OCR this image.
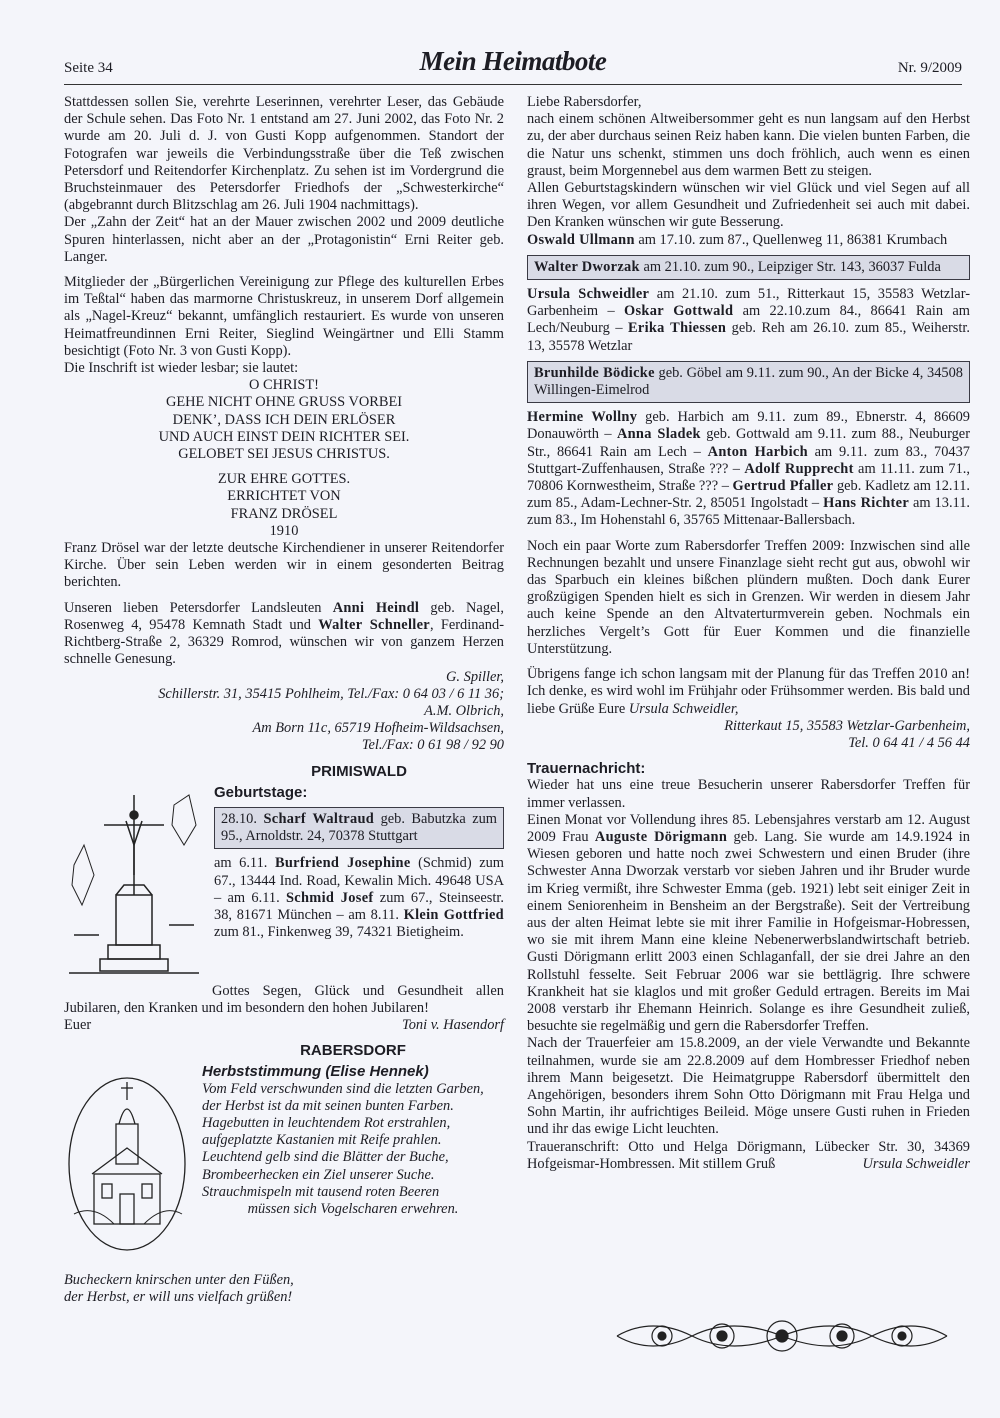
Seite 34	Mein Heimatbote	Nr. 9/2009

Stattdessen sollen Sie, verehrte Leserinnen, verehrter Leser, das Gebäude der Schule sehen. Das Foto Nr. 1 entstand am 27. Juni 2002, das Foto Nr. 2 wurde am 20. Juli d. J. von Gusti Kopp aufgenommen. Standort der Fotografen war jeweils die Verbindungsstraße über die Teß zwischen Petersdorf und Reitendorfer Kirchenplatz. Zu sehen ist im Vordergrund die Bruchsteinmauer des Petersdorfer Friedhofs der „Schwesterkirche“ (abgebrannt durch Blitzschlag am 26. Juli 1904 nachmittags).

Der „Zahn der Zeit“ hat an der Mauer zwischen 2002 und 2009 deutliche Spuren hinterlassen, nicht aber an der „Protagonistin“ Erni Reiter geb. Langer.

Mitglieder der „Bürgerlichen Vereinigung zur Pflege des kulturellen Erbes im Teßtal“ haben das marmorne Christuskreuz, in unserem Dorf allgemein als „Nagel-Kreuz“ bekannt, umfänglich restauriert. Es wurde von unseren Heimatfreundinnen Erni Reiter, Sieglind Weingärtner und Elli Stamm besichtigt (Foto Nr. 3 von Gusti Kopp).

Die Inschrift ist wieder lesbar; sie lautet:

O CHRIST!

GEHE NICHT OHNE GRUSS VORBEI

DENK’, DASS ICH DEIN ERLÖSER

UND AUCH EINST DEIN RICHTER SEI.

GELOBET SEI JESUS CHRISTUS.

ZUR EHRE GOTTES.

ERRICHTET VON

FRANZ DRÖSEL

1910

Franz Drösel war der letzte deutsche Kirchendiener in unserer Reitendorfer Kirche. Über sein Leben werden wir in einem gesonderten Beitrag berichten.

Unseren lieben Petersdorfer Landsleuten Anni Heindl geb. Nagel, Rosenweg 4, 95478 Kemnath Stadt und Walter Schneller, Ferdinand-Richtberg-Straße 2, 36329 Romrod, wünschen wir von ganzem Herzen schnelle Genesung.

G. Spiller,

Schillerstr. 31, 35415 Pohlheim, Tel./Fax: 0 64 03 / 6 11 36;

A.M. Olbrich,

Am Born 11c, 65719 Hofheim-Wildsachsen,

Tel./Fax: 0 61 98 / 92 90

PRIMISWALD

Geburtstage:

28.10. Scharf Waltraud geb. Babutzka zum 95., Arnoldstr. 24, 70378 Stuttgart

am 6.11. Burfriend Josephine (Schmid) zum 67., 13444 Ind. Road, Kewalin Mich. 49648 USA – am 6.11. Schmid Josef zum 67., Steinseestr. 38, 81671 München – am 8.11. Klein Gottfried zum 81., Finkenweg 39, 74321 Bietigheim.

Gottes Segen, Glück und Gesundheit allen Jubilaren, den Kranken und im besondern den hohen Jubilaren!

Euer	Toni v. Hasendorf

RABERSDORF

Herbststimmung (Elise Hennek)

Vom Feld verschwunden sind die letzten Garben,

der Herbst ist da mit seinen bunten Farben.

Hagebutten in leuchtendem Rot erstrahlen,

aufgeplatzte Kastanien mit Reife prahlen.

Leuchtend gelb sind die Blätter der Buche,

Brombeerhecken ein Ziel unserer Suche.

Strauchmispeln mit tausend roten Beeren

müssen sich Vogelscharen erwehren.

Bucheckern knirschen unter den Füßen,

der Herbst, er will uns vielfach grüßen!

Liebe Rabersdorfer,

nach einem schönen Altweibersommer geht es nun langsam auf den Herbst zu, der aber durchaus seinen Reiz haben kann. Die vielen bunten Farben, die die Natur uns schenkt, stimmen uns doch fröhlich, auch wenn es einen graust, beim Morgennebel aus dem warmen Bett zu steigen.

Allen Geburtstagskindern wünschen wir viel Glück und viel Segen auf all ihren Wegen, vor allem Gesundheit und Zufriedenheit sei auch mit dabei. Den Kranken wünschen wir gute Besserung.

Oswald Ullmann am 17.10. zum 87., Quellenweg 11, 86381 Krumbach

Walter Dworzak am 21.10. zum 90., Leipziger Str. 143, 36037 Fulda

Ursula Schweidler am 21.10. zum 51., Ritterkaut 15, 35583 Wetzlar-Garbenheim – Oskar Gottwald am 22.10.zum 84., 86641 Rain am Lech/Neuburg – Erika Thiessen geb. Reh am 26.10. zum 85., Weiherstr. 13, 35578 Wetzlar

Brunhilde Bödicke geb. Göbel am 9.11. zum 90., An der Bicke 4, 34508 Willingen-Eimelrod

Hermine Wollny geb. Harbich am 9.11. zum 89., Ebnerstr. 4, 86609 Donauwörth – Anna Sladek geb. Gottwald am 9.11. zum 88., Neuburger Str., 86641 Rain am Lech – Anton Harbich am 9.11. zum 83., 70437 Stuttgart-Zuffenhausen, Straße ??? – Adolf Rupprecht am 11.11. zum 71., 70806 Kornwestheim, Straße ??? – Gertrud Pfaller geb. Kadletz am 12.11. zum 85., Adam-Lechner-Str. 2, 85051 Ingolstadt – Hans Richter am 13.11. zum 83., Im Hohenstahl 6, 35765 Mittenaar-Ballersbach.

Noch ein paar Worte zum Rabersdorfer Treffen 2009: Inzwischen sind alle Rechnungen bezahlt und unsere Finanzlage sieht recht gut aus, obwohl wir das Sparbuch ein kleines bißchen plündern mußten. Doch dank Eurer großzügigen Spenden hielt es sich in Grenzen. Wir werden in diesem Jahr auch keine Spende an den Altvaterturmverein geben. Nochmals ein herzliches Vergelt’s Gott für Euer Kommen und die finanzielle Unterstützung.

Übrigens fange ich schon langsam mit der Planung für das Treffen 2010 an! Ich denke, es wird wohl im Frühjahr oder Frühsommer werden. Bis bald und liebe Grüße Eure Ursula Schweidler,

Ritterkaut 15, 35583 Wetzlar-Garbenheim,

Tel. 0 64 41 / 4 56 44

Trauernachricht:

Wieder hat uns eine treue Besucherin unserer Rabersdorfer Treffen für immer verlassen.

Einen Monat vor Vollendung ihres 85. Lebensjahres verstarb am 12. August 2009 Frau Auguste Dörigmann geb. Lang. Sie wurde am 14.9.1924 in Wiesen geboren und hatte noch zwei Schwestern und einen Bruder (ihre Schwester Anna Dworzak verstarb vor sieben Jahren und ihr Bruder wurde im Krieg vermißt, ihre Schwester Emma (geb. 1921) lebt seit einiger Zeit in einem Seniorenheim in Bensheim an der Bergstraße). Seit der Vertreibung aus der alten Heimat lebte sie mit ihrer Familie in Hofgeismar-Hobressen, wo sie mit ihrem Mann eine kleine Nebenerwerbslandwirtschaft betrieb. Gusti Dörigmann erlitt 2003 einen Schlaganfall, der sie drei Jahre an den Rollstuhl fesselte. Seit Februar 2006 war sie bettlägrig. Ihre schwere Krankheit hat sie klaglos und mit großer Geduld ertragen. Bereits im Mai 2008 verstarb ihr Ehemann Heinrich. Solange es ihre Gesundheit zuließ, besuchte sie regelmäßig und gern die Rabersdorfer Treffen.

Nach der Trauerfeier am 15.8.2009, an der viele Verwandte und Bekannte teilnahmen, wurde sie am 22.8.2009 auf dem Hombresser Friedhof neben ihrem Mann beigesetzt. Die Heimatgruppe Rabersdorf übermittelt den Angehörigen, besonders ihrem Sohn Otto Dörigmann mit Frau Helga und Sohn Martin, ihr aufrichtiges Beileid. Möge unsere Gusti ruhen in Frieden und ihr das ewige Licht leuchten.

Traueranschrift: Otto und Helga Dörigmann, Lübecker Str. 30, 34369 Hofgeismar-Hombressen. Mit stillem Gruß	Ursula Schweidler
